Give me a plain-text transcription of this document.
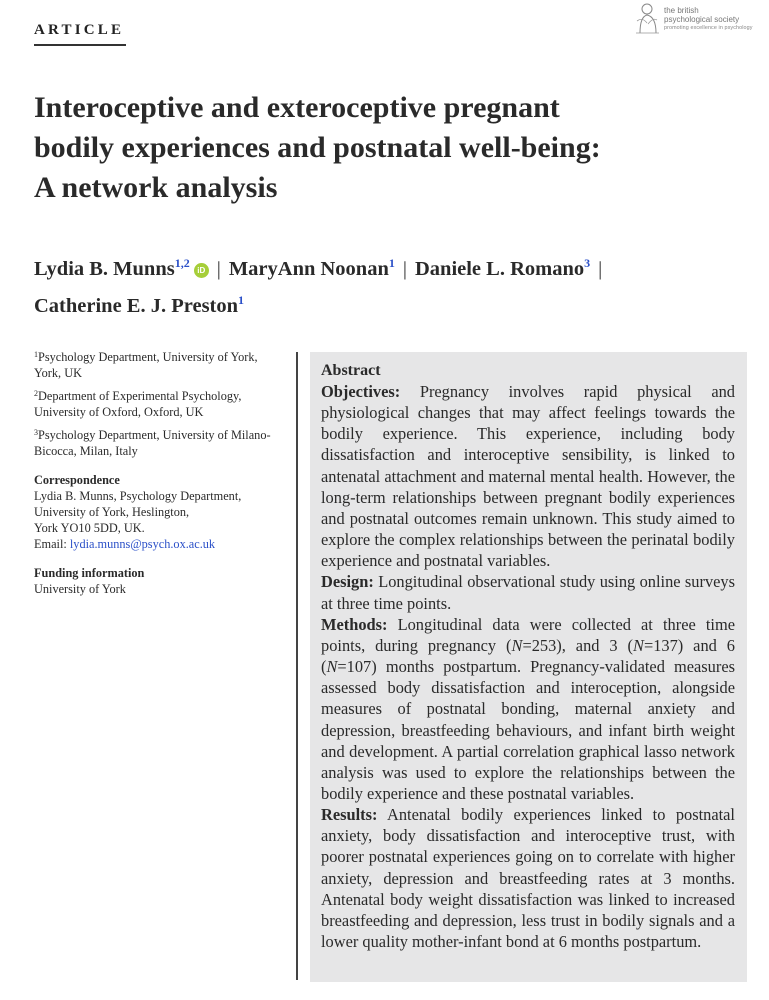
ARTICLE
the british
psychological society
promoting excellence in psychology
Interoceptive and exteroceptive pregnant
bodily experiences and postnatal well-being:
A network analysis
Lydia B. Munns$^{1,2}$iD | MaryAnn Noonan$^1$ | Daniele L. Romano$^3$ |
Catherine E. J. Preston$^1$
$^1$Psychology Department, University of York, York, UK
$^2$Department of Experimental Psychology, University of Oxford, Oxford, UK
$^3$Psychology Department, University of Milano-Bicocca, Milan, Italy
Correspondence
Lydia B. Munns, Psychology Department,
University of York, Heslington,
York YO10 5DD, UK.
Email: lydia.munns@psych.ox.ac.uk
Funding information
University of York
Abstract

Objectives: Pregnancy involves rapid physical and physiological changes that may affect feelings towards the bodily experience. This experience, including body dissatisfaction and interoceptive sensibility, is linked to antenatal attachment and maternal mental health. However, the long-term relationships between pregnant bodily experiences and postnatal outcomes remain unknown. This study aimed to explore the complex relationships between the perinatal bodily experience and postnatal variables.

Design: Longitudinal observational study using online surveys at three time points.

Methods: Longitudinal data were collected at three time points, during pregnancy (N=253), and 3 (N=137) and 6 (N=107) months postpartum. Pregnancy-validated measures assessed body dissatisfaction and interoception, alongside measures of postnatal bonding, maternal anxiety and depression, breastfeeding behaviours, and infant birth weight and development. A partial correlation graphical lasso network analysis was used to explore the relationships between the bodily experience and these postnatal variables.

Results: Antenatal bodily experiences linked to postnatal anxiety, body dissatisfaction and interoceptive trust, with poorer postnatal experiences going on to correlate with higher anxiety, depression and breastfeeding rates at 3 months. Antenatal body weight dissatisfaction was linked to increased breastfeeding and depression, less trust in bodily signals and a lower quality mother-infant bond at 6 months postpartum.
